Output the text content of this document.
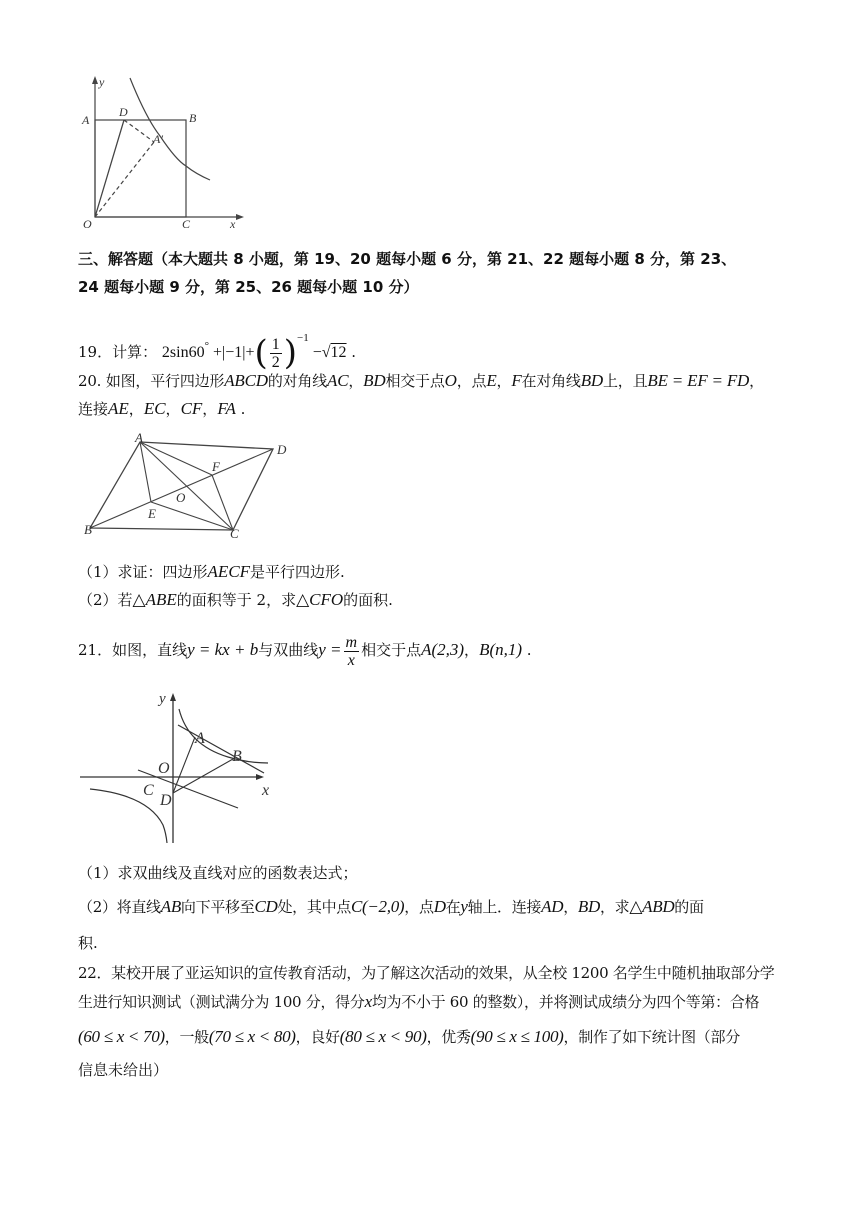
y
A
D	B
A′
O	C	x
三、解答题（本大题共 8 小题，第 19、20 题每小题 6 分，第 21、22 题每小题 8 分，第 23、
24 题每小题 9 分，第 25、26 题每小题 10 分）
19．计算： $2\sin 60^\circ +|-1|+( \frac{1}{2} )^{-1} -√12$ .
20. 如图，平行四边形ABCD的对角线AC，BD相交于点O，点E，F在对角线BD上，且BE = EF = FD，
连接AE，EC，CF，FA .
A
D
F
O
E
B	C
（1）求证：四边形AECF是平行四边形.
（2）若△ABE的面积等于 2，求△CFO的面积.
21．如图，直线y = kx + b与双曲线$y = \frac{m}{x}$ 相交于点A(2,3)，B(n,1) .
y
A
B
O
C
D
x
（1）求双曲线及直线对应的函数表达式；
（2）将直线AB向下平移至CD处，其中点C(−2,0)，点D在y轴上．连接AD，BD，求△ABD的面
积.
22．某校开展了亚运知识的宣传教育活动，为了解这次活动的效果，从全校 1200 名学生中随机抽取部分学
生进行知识测试（测试满分为 100 分，得分x均为不小于 60 的整数），并将测试成绩分为四个等第：合格
(60 ≤ x < 70)，一般(70 ≤ x < 80)，良好(80 ≤ x < 90)，优秀(90 ≤ x ≤ 100)，制作了如下统计图（部分
信息未给出）
